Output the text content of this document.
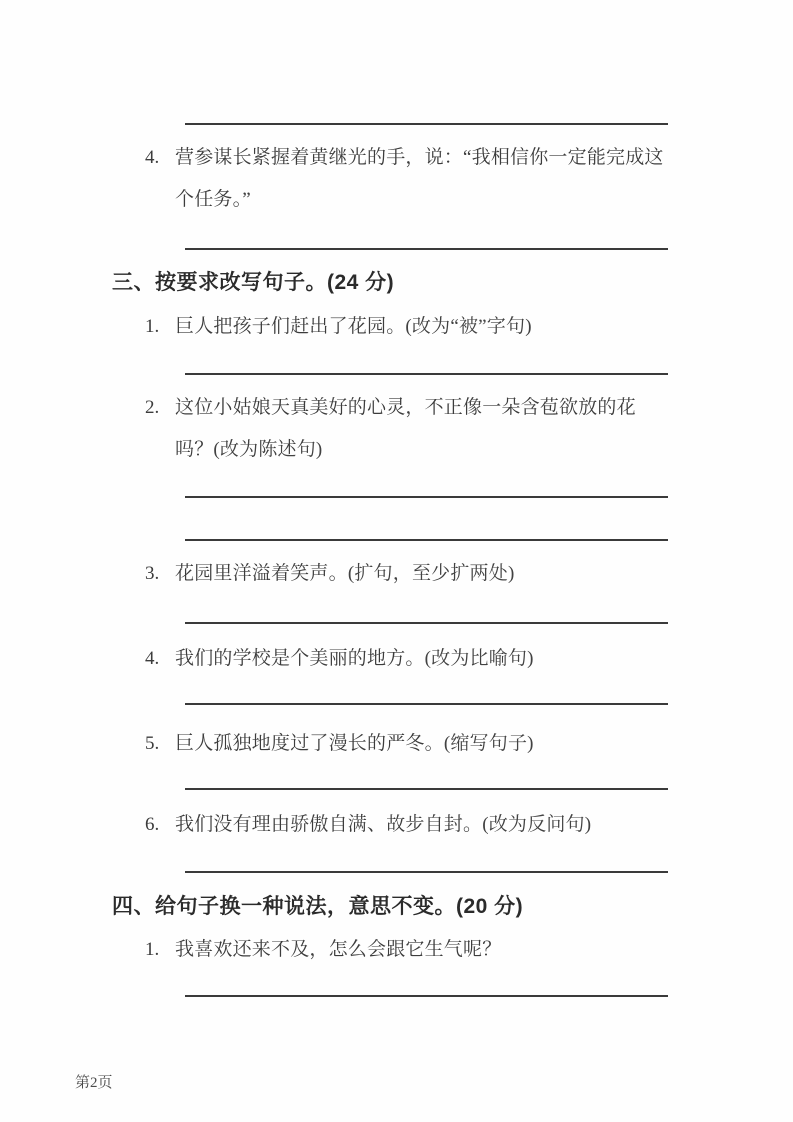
4. 营参谋长紧握着黄继光的手，说：“我相信你一定能完成这个任务。”
三、按要求改写句子。(24 分)
1. 巨人把孩子们赶出了花园。(改为“被”字句)
2. 这位小姑娘天真美好的心灵，不正像一朵含苞欲放的花吗？(改为陈述句)
3. 花园里洋溢着笑声。(扩句，至少扩两处)
4. 我们的学校是个美丽的地方。(改为比喻句)
5. 巨人孤独地度过了漫长的严冬。(缩写句子)
6. 我们没有理由骄傲自满、故步自封。(改为反问句)
四、给句子换一种说法，意思不变。(20 分)
1. 我喜欢还来不及，怎么会跟它生气呢？
第2页
